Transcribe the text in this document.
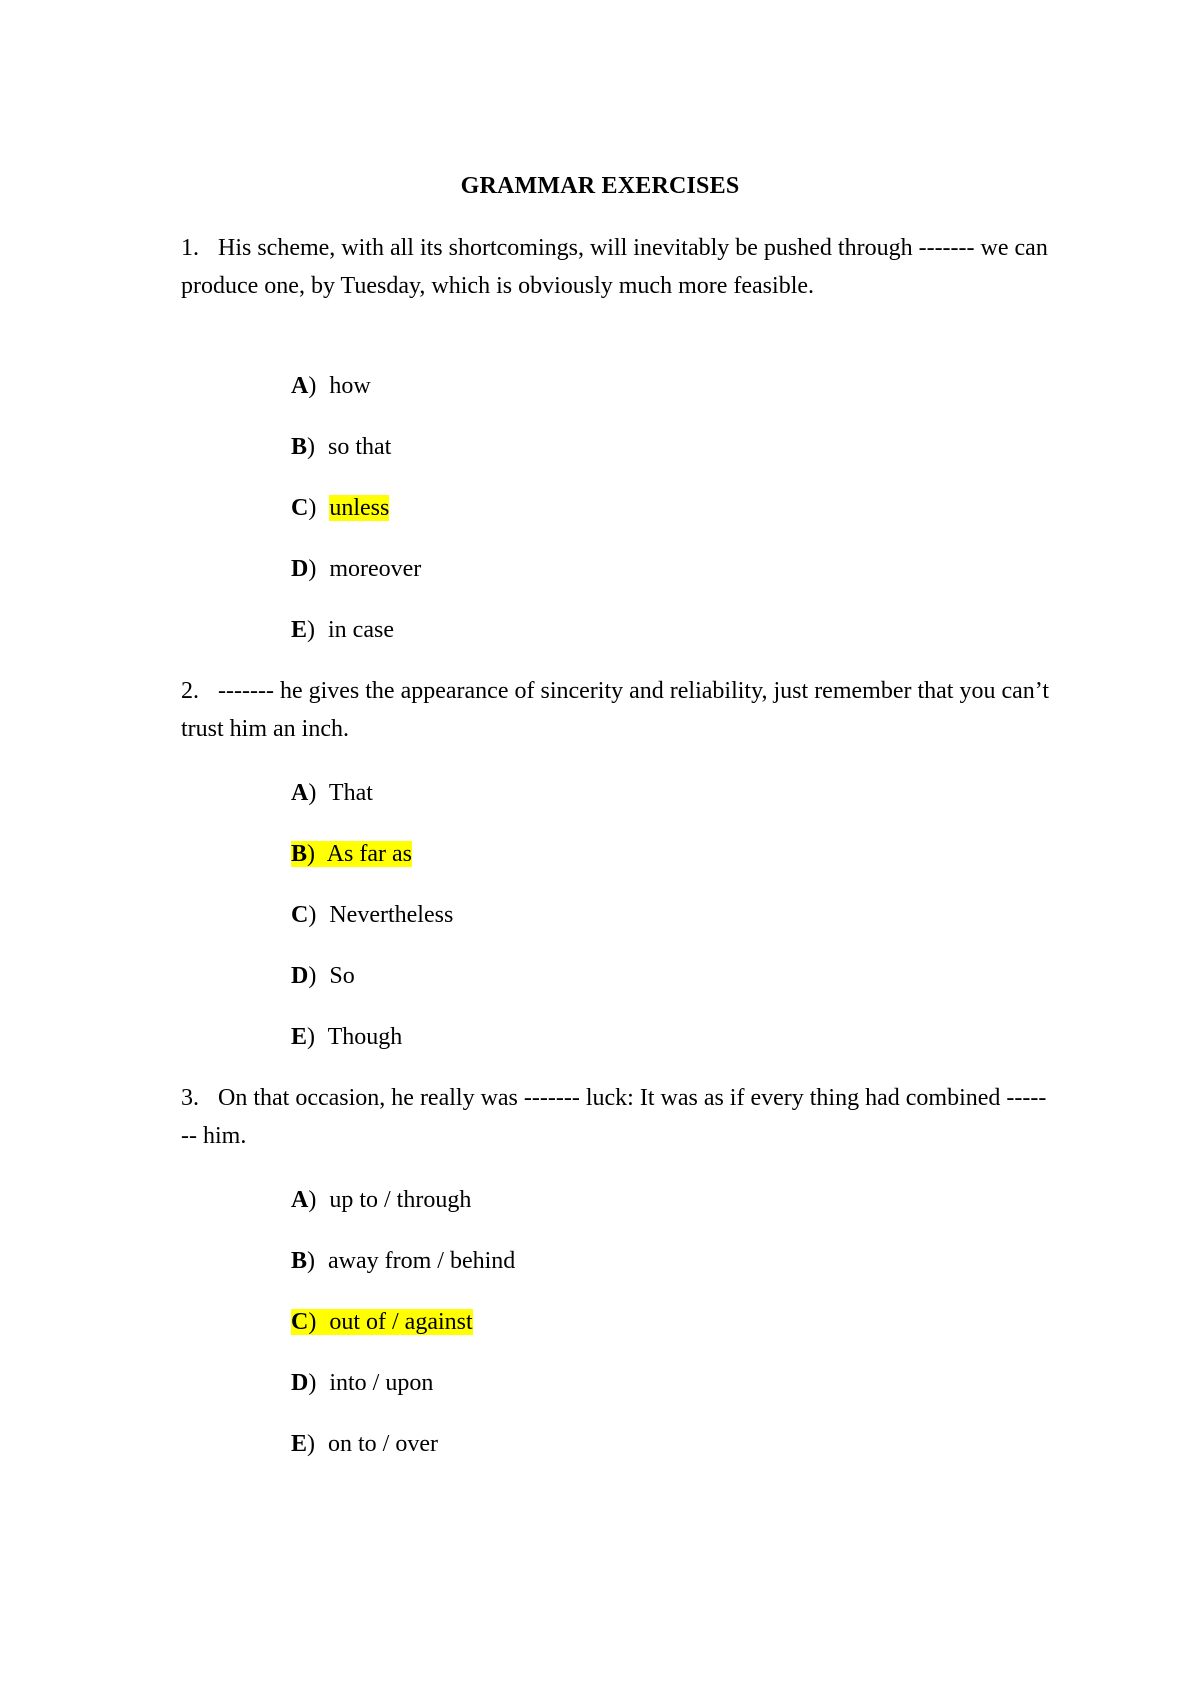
GRAMMAR EXERCISES

1. His scheme, with all its shortcomings, will inevitably be pushed through ------- we can produce one, by Tuesday, which is obviously much more feasible.

A) how
B) so that
C) unless
D) moreover
E) in case

2. ------- he gives the appearance of sincerity and reliability, just remember that you can’t trust him an inch.

A) That
B) As far as
C) Nevertheless
D) So
E) Though

3. On that occasion, he really was ------- luck: It was as if every thing had combined ------- him.

A) up to / through
B) away from / behind
C) out of / against
D) into / upon
E) on to / over
